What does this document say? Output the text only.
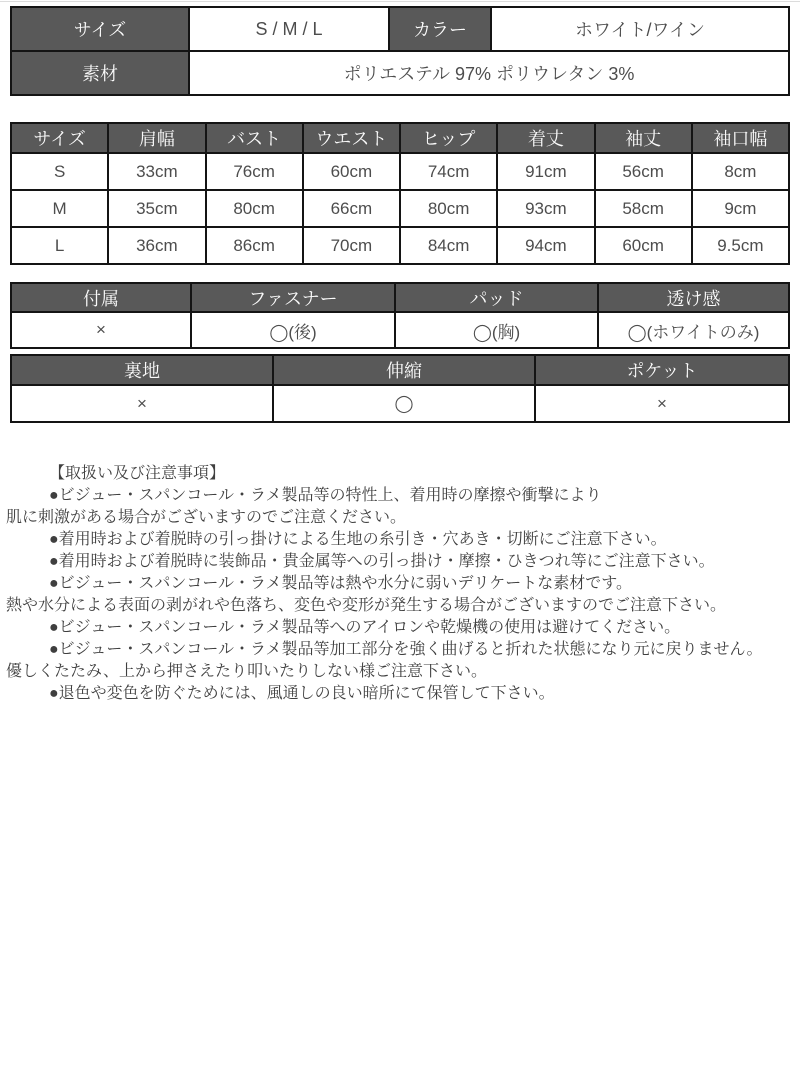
サイズ	S / M / L	カラー	ホワイト/ワイン
素材	ポリエステル 97% ポリウレタン 3%		
サイズ	肩幅	バスト	ウエスト	ヒップ	着丈	袖丈	袖口幅
S	33cm	76cm	60cm	74cm	91cm	56cm	8cm
M	35cm	80cm	66cm	80cm	93cm	58cm	9cm
L	36cm	86cm	70cm	84cm	94cm	60cm	9.5cm
付属	ファスナー	パッド	透け感
×	◯(後)	◯(胸)	◯(ホワイトのみ)
裏地	伸縮	ポケット
×	◯	×
【取扱い及び注意事項】
●ビジュー・スパンコール・ラメ製品等の特性上、着用時の摩擦や衝撃により
肌に刺激がある場合がございますのでご注意ください。
●着用時および着脱時の引っ掛けによる生地の糸引き・穴あき・切断にご注意下さい。
●着用時および着脱時に装飾品・貴金属等への引っ掛け・摩擦・ひきつれ等にご注意下さい。
●ビジュー・スパンコール・ラメ製品等は熱や水分に弱いデリケートな素材です。
熱や水分による表面の剥がれや色落ち、変色や変形が発生する場合がございますのでご注意下さい。
●ビジュー・スパンコール・ラメ製品等へのアイロンや乾燥機の使用は避けてください。
●ビジュー・スパンコール・ラメ製品等加工部分を強く曲げると折れた状態になり元に戻りません。
優しくたたみ、上から押さえたり叩いたりしない様ご注意下さい。
●退色や変色を防ぐためには、風通しの良い暗所にて保管して下さい。
